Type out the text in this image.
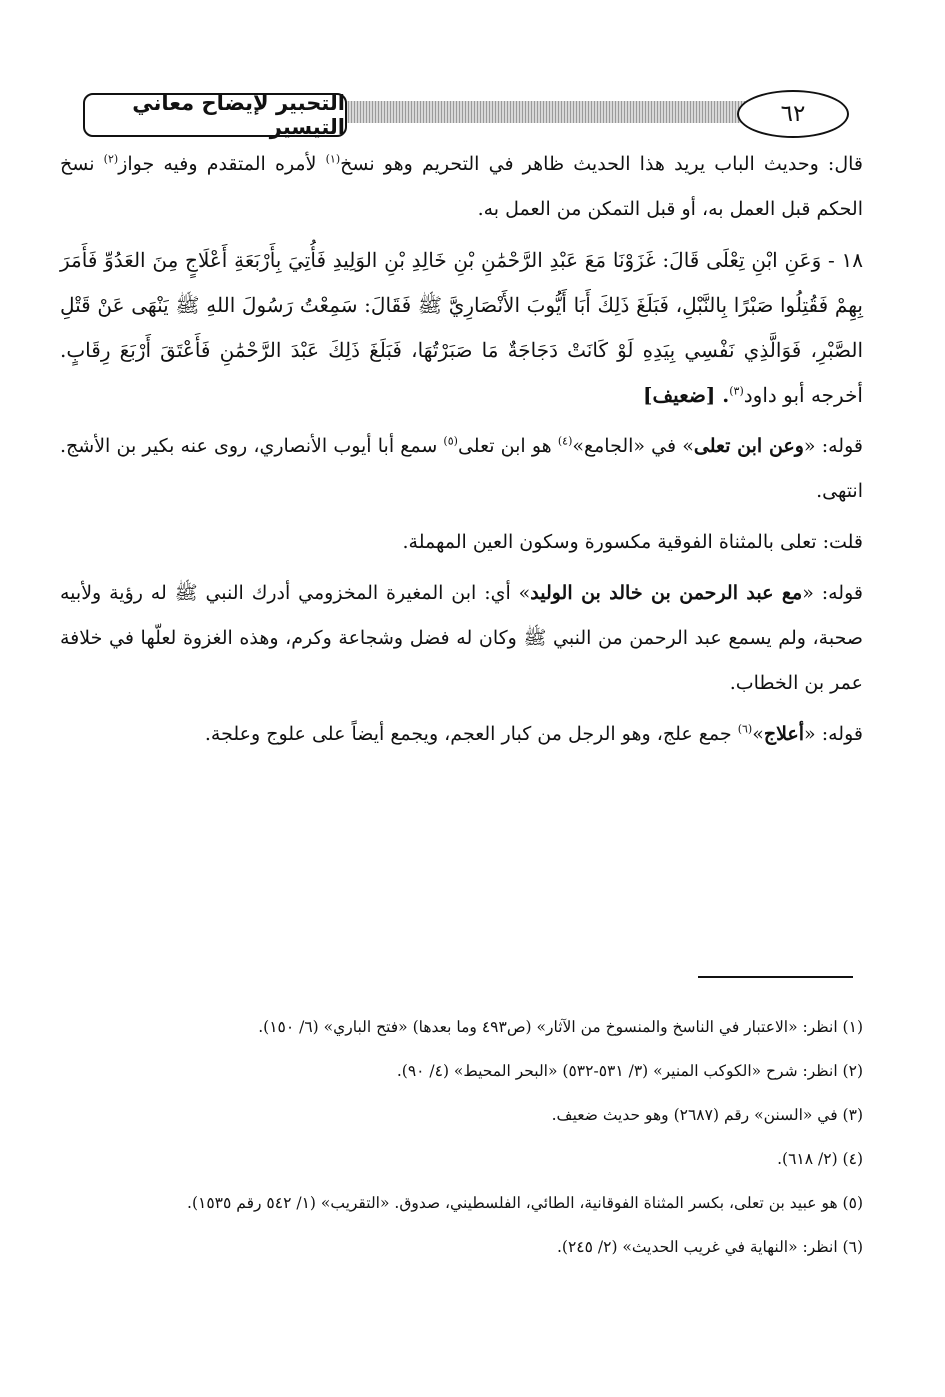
التحبير لإيضاح معاني التيسير	٦٢

قال: وحديث الباب يريد هذا الحديث ظاهر في التحريم وهو نسخ$^{(١)}$ لأمره المتقدم وفيه جواز$^{(٢)}$ نسخ الحكم قبل العمل به، أو قبل التمكن من العمل به.

١٨ - وَعَنِ ابْنِ تِعْلَى قَالَ: غَزَوْنَا مَعَ عَبْدِ الرَّحْمَٰنِ بْنِ خَالِدِ بْنِ الوَلِيدِ فَأُتِيَ بِأَرْبَعَةِ أَعْلَاجٍ مِنَ العَدُوِّ فَأَمَرَ بِهِمْ فَقُتِلُوا صَبْرًا بِالنَّبْلِ، فَبَلَغَ ذَلِكَ أَبَا أَيُّوبَ الأَنْصَارِيَّ ﷺ فَقَالَ: سَمِعْتُ رَسُولَ اللهِ ﷺ يَنْهَى عَنْ قَتْلِ الصَّبْرِ، فَوَالَّذِي نَفْسِي بِيَدِهِ لَوْ كَانَتْ دَجَاجَةٌ مَا صَبَرْتُهَا، فَبَلَغَ ذَلِكَ عَبْدَ الرَّحْمَٰنِ فَأَعْتَقَ أَرْبَعَ رِقَابٍ. أخرجه أبو داود$^{(٣)}$. [ضعيف]

قوله: «وعن ابن تعلى» في «الجامع»$^{(٤)}$ هو ابن تعلى$^{(٥)}$ سمع أبا أيوب الأنصاري، روى عنه بكير بن الأشج. انتهى.

قلت: تعلى بالمثناة الفوقية مكسورة وسكون العين المهملة.

قوله: «مع عبد الرحمن بن خالد بن الوليد» أي: ابن المغيرة المخزومي أدرك النبي ﷺ له رؤية ولأبيه صحبة، ولم يسمع عبد الرحمن من النبي ﷺ وكان له فضل وشجاعة وكرم، وهذه الغزوة لعلّها في خلافة عمر بن الخطاب.

قوله: «أعلاج»$^{(٦)}$ جمع علج، وهو الرجل من كبار العجم، ويجمع أيضاً على علوج وعلجة.

(١) انظر: «الاعتبار في الناسخ والمنسوخ من الآثار» (ص٤٩٣ وما بعدها) «فتح الباري» (٦/ ١٥٠).
(٢) انظر: شرح «الكوكب المنير» (٣/ ٥٣١-٥٣٢) «البحر المحيط» (٤/ ٩٠).
(٣) في «السنن» رقم (٢٦٨٧) وهو حديث ضعيف.
(٤) (٢/ ٦١٨).
(٥) هو عبيد بن تعلى، بكسر المثناة الفوقانية، الطائي، الفلسطيني، صدوق. «التقريب» (١/ ٥٤٢ رقم ١٥٣٥).
(٦) انظر: «النهاية في غريب الحديث» (٢/ ٢٤٥).
